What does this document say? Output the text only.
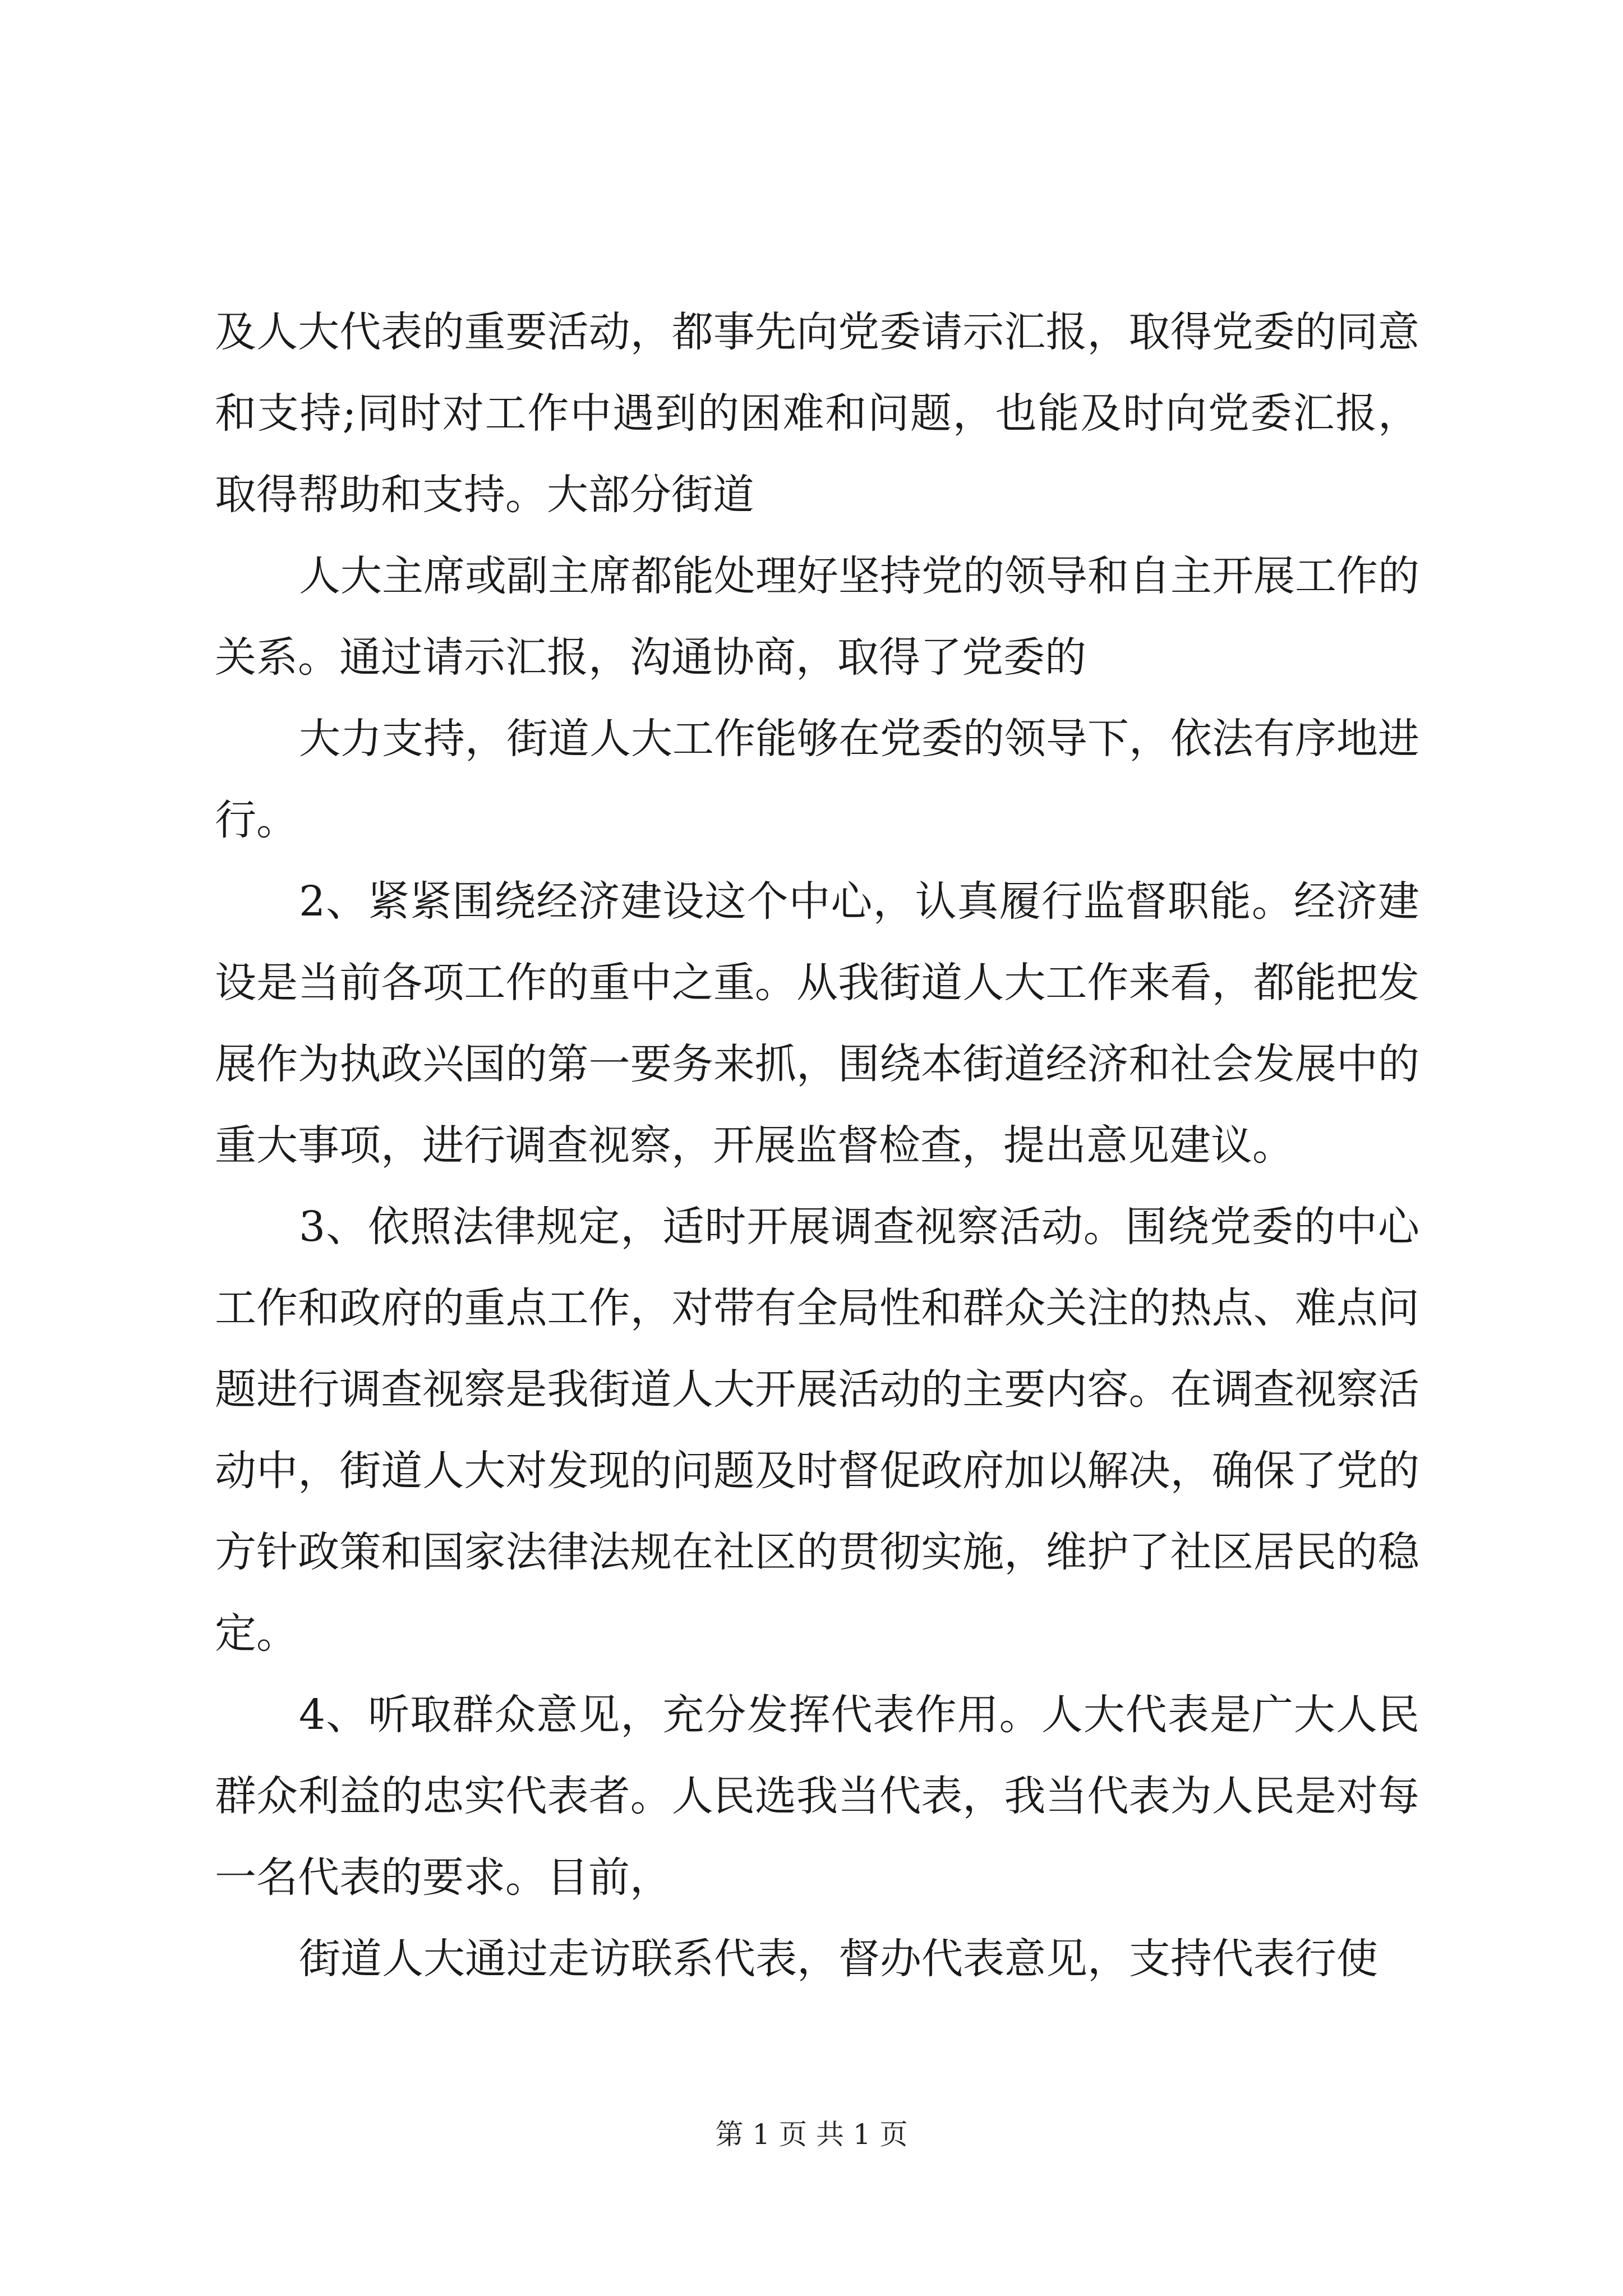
及人大代表的重要活动，都事先向党委请示汇报，取得党委的同意和支持;同时对工作中遇到的困难和问题，也能及时向党委汇报，取得帮助和支持。大部分街道

人大主席或副主席都能处理好坚持党的领导和自主开展工作的关系。通过请示汇报，沟通协商，取得了党委的

大力支持，街道人大工作能够在党委的领导下，依法有序地进行。

2、紧紧围绕经济建设这个中心，认真履行监督职能。经济建设是当前各项工作的重中之重。从我街道人大工作来看，都能把发展作为执政兴国的第一要务来抓，围绕本街道经济和社会发展中的重大事项，进行调查视察，开展监督检查，提出意见建议。

3、依照法律规定，适时开展调查视察活动。围绕党委的中心工作和政府的重点工作，对带有全局性和群众关注的热点、难点问题进行调查视察是我街道人大开展活动的主要内容。在调查视察活动中，街道人大对发现的问题及时督促政府加以解决，确保了党的方针政策和国家法律法规在社区的贯彻实施，维护了社区居民的稳定。

4、听取群众意见，充分发挥代表作用。人大代表是广大人民群众利益的忠实代表者。人民选我当代表，我当代表为人民是对每一名代表的要求。目前，

街道人大通过走访联系代表，督办代表意见，支持代表行使

第 1 页 共 1 页
